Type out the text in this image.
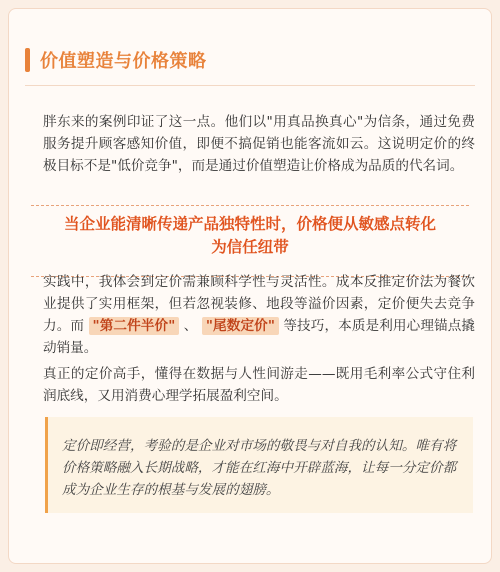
价值塑造与价格策略

胖东来的案例印证了这一点。他们以"用真品换真心"为信条，通过免费服务提升顾客感知价值，即便不搞促销也能客流如云。这说明定价的终极目标不是"低价竞争"，而是通过价值塑造让价格成为品质的代名词。

当企业能清晰传递产品独特性时，价格便从敏感点转化为信任纽带

实践中，我体会到定价需兼顾科学性与灵活性。成本反推定价法为餐饮业提供了实用框架，但若忽视装修、地段等溢价因素，定价便失去竞争力。而 "第二件半价" 、 "尾数定价" 等技巧，本质是利用心理锚点撬动销量。

真正的定价高手，懂得在数据与人性间游走——既用毛利率公式守住利润底线，又用消费心理学拓展盈利空间。

定价即经营，考验的是企业对市场的敬畏与对自我的认知。唯有将价格策略融入长期战略，才能在红海中开辟蓝海，让每一分定价都成为企业生存的根基与发展的翅膀。
